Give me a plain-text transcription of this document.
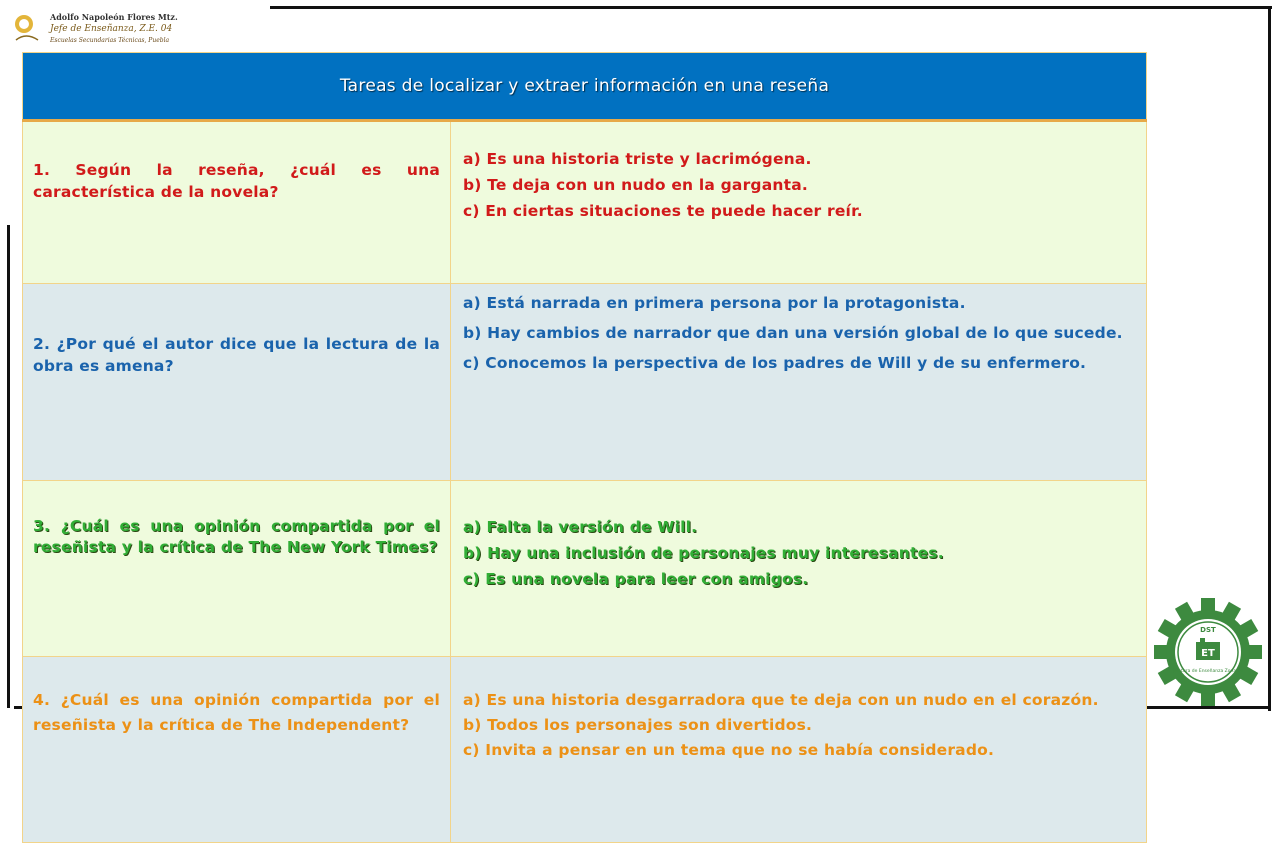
Adolfo Napoleón Flores Mtz.
Jefe de Enseñanza, Z.E. 04
Escuelas Secundarias Técnicas, Puebla
Tareas de localizar y extraer información en una reseña	

1. Según la reseña, ¿cuál es una característica de la novela?	a) Es una historia triste y lacrimógena.

b) Te deja con un nudo en la garganta.

c) En ciertas situaciones te puede hacer reír.

2. ¿Por qué el autor dice que la lectura de la obra es amena?	a) Está narrada en primera persona por la protagonista.

b) Hay cambios de narrador que dan una versión global de lo que sucede.

c) Conocemos la perspectiva de los padres de Will y de su enfermero.

3. ¿Cuál es una opinión compartida por el reseñista y la crítica de The New York Times?	a) Falta la versión de Will.

b) Hay una inclusión de personajes muy interesantes.

c) Es una novela para leer con amigos.

4. ¿Cuál es una opinión compartida por el reseñista y la crítica de The Independent?	a) Es una historia desgarradora que te deja con un nudo en el corazón.

b) Todos los personajes son divertidos.

c) Invita a pensar en un tema que no se había considerado.

DST
ET
Jefatura de Enseñanza Zona 04
